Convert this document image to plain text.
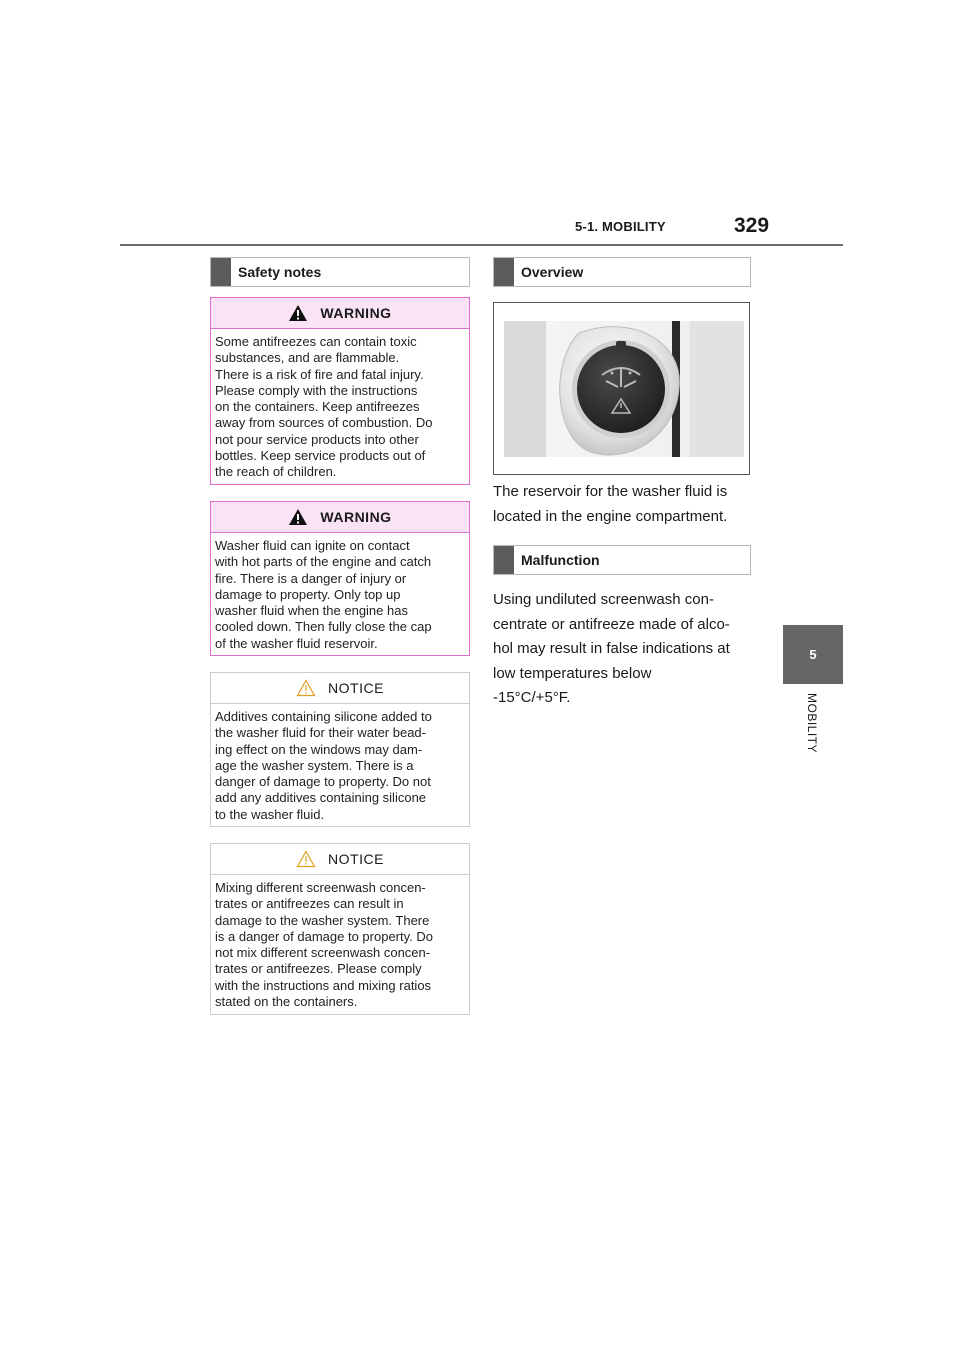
5-1. MOBILITY	329
5
MOBILITY
Safety notes
WARNING
Some antifreezes can contain toxic
substances, and are flammable.
There is a risk of fire and fatal injury.
Please comply with the instructions
on the containers. Keep antifreezes
away from sources of combustion. Do
not pour service products into other
bottles. Keep service products out of
the reach of children.
WARNING
Washer fluid can ignite on contact
with hot parts of the engine and catch
fire. There is a danger of injury or
damage to property. Only top up
washer fluid when the engine has
cooled down. Then fully close the cap
of the washer fluid reservoir.
NOTICE
Additives containing silicone added to
the washer fluid for their water bead-
ing effect on the windows may dam-
age the washer system. There is a
danger of damage to property. Do not
add any additives containing silicone
to the washer fluid.
NOTICE
Mixing different screenwash concen-
trates or antifreezes can result in
damage to the washer system. There
is a danger of damage to property. Do
not mix different screenwash concen-
trates or antifreezes. Please comply
with the instructions and mixing ratios
stated on the containers.
Overview
The reservoir for the washer fluid is
located in the engine compartment.
Malfunction
Using undiluted screenwash con-
centrate or antifreeze made of alco-
hol may result in false indications at
low temperatures below
-15°C/+5°F.
